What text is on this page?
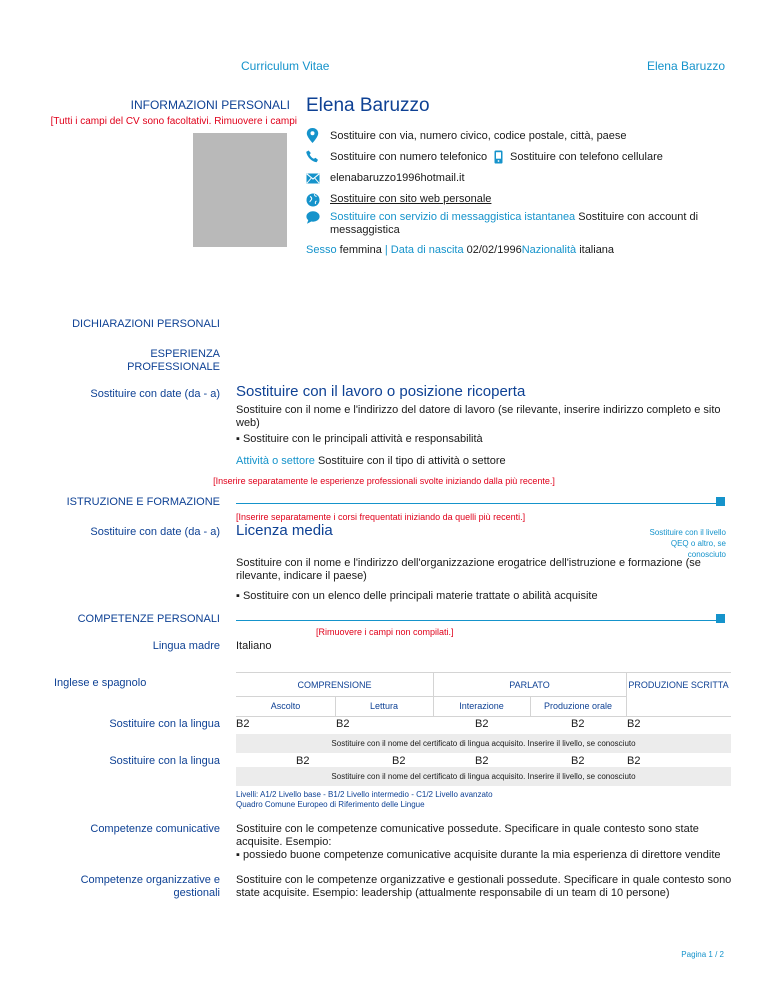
Curriculum Vitae	Elena Baruzzo
INFORMAZIONI PERSONALI Elena Baruzzo
[Tutti i campi del CV sono facoltativi. Rimuovere i campi
Sostituire con via, numero civico, codice postale, città, paese
Sostituire con numero telefonico Sostituire con telefono cellulare
elenabaruzzo1996hotmail.it
Sostituire con sito web personale
Sostituire con servizio di messaggistica istantanea Sostituire con account di
messaggistica
Sesso femmina | Data di nascita 02/02/1996Nazionalità italiana
DICHIARAZIONI PERSONALI
ESPERIENZA
PROFESSIONALE
Sostituire con date (da - a) Sostituire con il lavoro o posizione ricoperta
Sostituire con il nome e l'indirizzo del datore di lavoro (se rilevante, inserire indirizzo completo e sito
web)
▪ Sostituire con le principali attività e responsabilità
Attività o settore Sostituire con il tipo di attività o settore
[Inserire separatamente le esperienze professionali svolte iniziando dalla più recente.]
ISTRUZIONE E FORMAZIONE
[Inserire separatamente i corsi frequentati iniziando da quelli più recenti.]
Sostituire con date (da - a) Licenza media	Sostituire con il livello
QEQ o altro, se
conosciuto
Sostituire con il nome e l'indirizzo dell'organizzazione erogatrice dell'istruzione e formazione (se
rilevante, indicare il paese)
▪ Sostituire con un elenco delle principali materie trattate o abilità acquisite
COMPETENZE PERSONALI
[Rimuovere i campi non compilati.]
Lingua madre Italiano
Inglese e spagnolo	COMPRENSIONE	PARLATO	PRODUZIONE SCRITTA
Ascolto	Lettura	Interazione	Produzione orale
Sostituire con la lingua B2	B2	B2	B2	B2
Sostituire con il nome del certificato di lingua acquisito. Inserire il livello, se conosciuto
Sostituire con la lingua	B2	B2	B2	B2	B2
Sostituire con il nome del certificato di lingua acquisito. Inserire il livello, se conosciuto
Livelli: A1/2 Livello base - B1/2 Livello intermedio - C1/2 Livello avanzato
Quadro Comune Europeo di Riferimento delle Lingue
Competenze comunicative Sostituire con le competenze comunicative possedute. Specificare in quale contesto sono state
acquisite. Esempio:
▪ possiedo buone competenze comunicative acquisite durante la mia esperienza di direttore vendite
Competenze organizzative e
gestionali
Sostituire con le competenze organizzative e gestionali possedute. Specificare in quale contesto sono
state acquisite. Esempio: leadership (attualmente responsabile di un team di 10 persone)
Pagina 1 / 2
